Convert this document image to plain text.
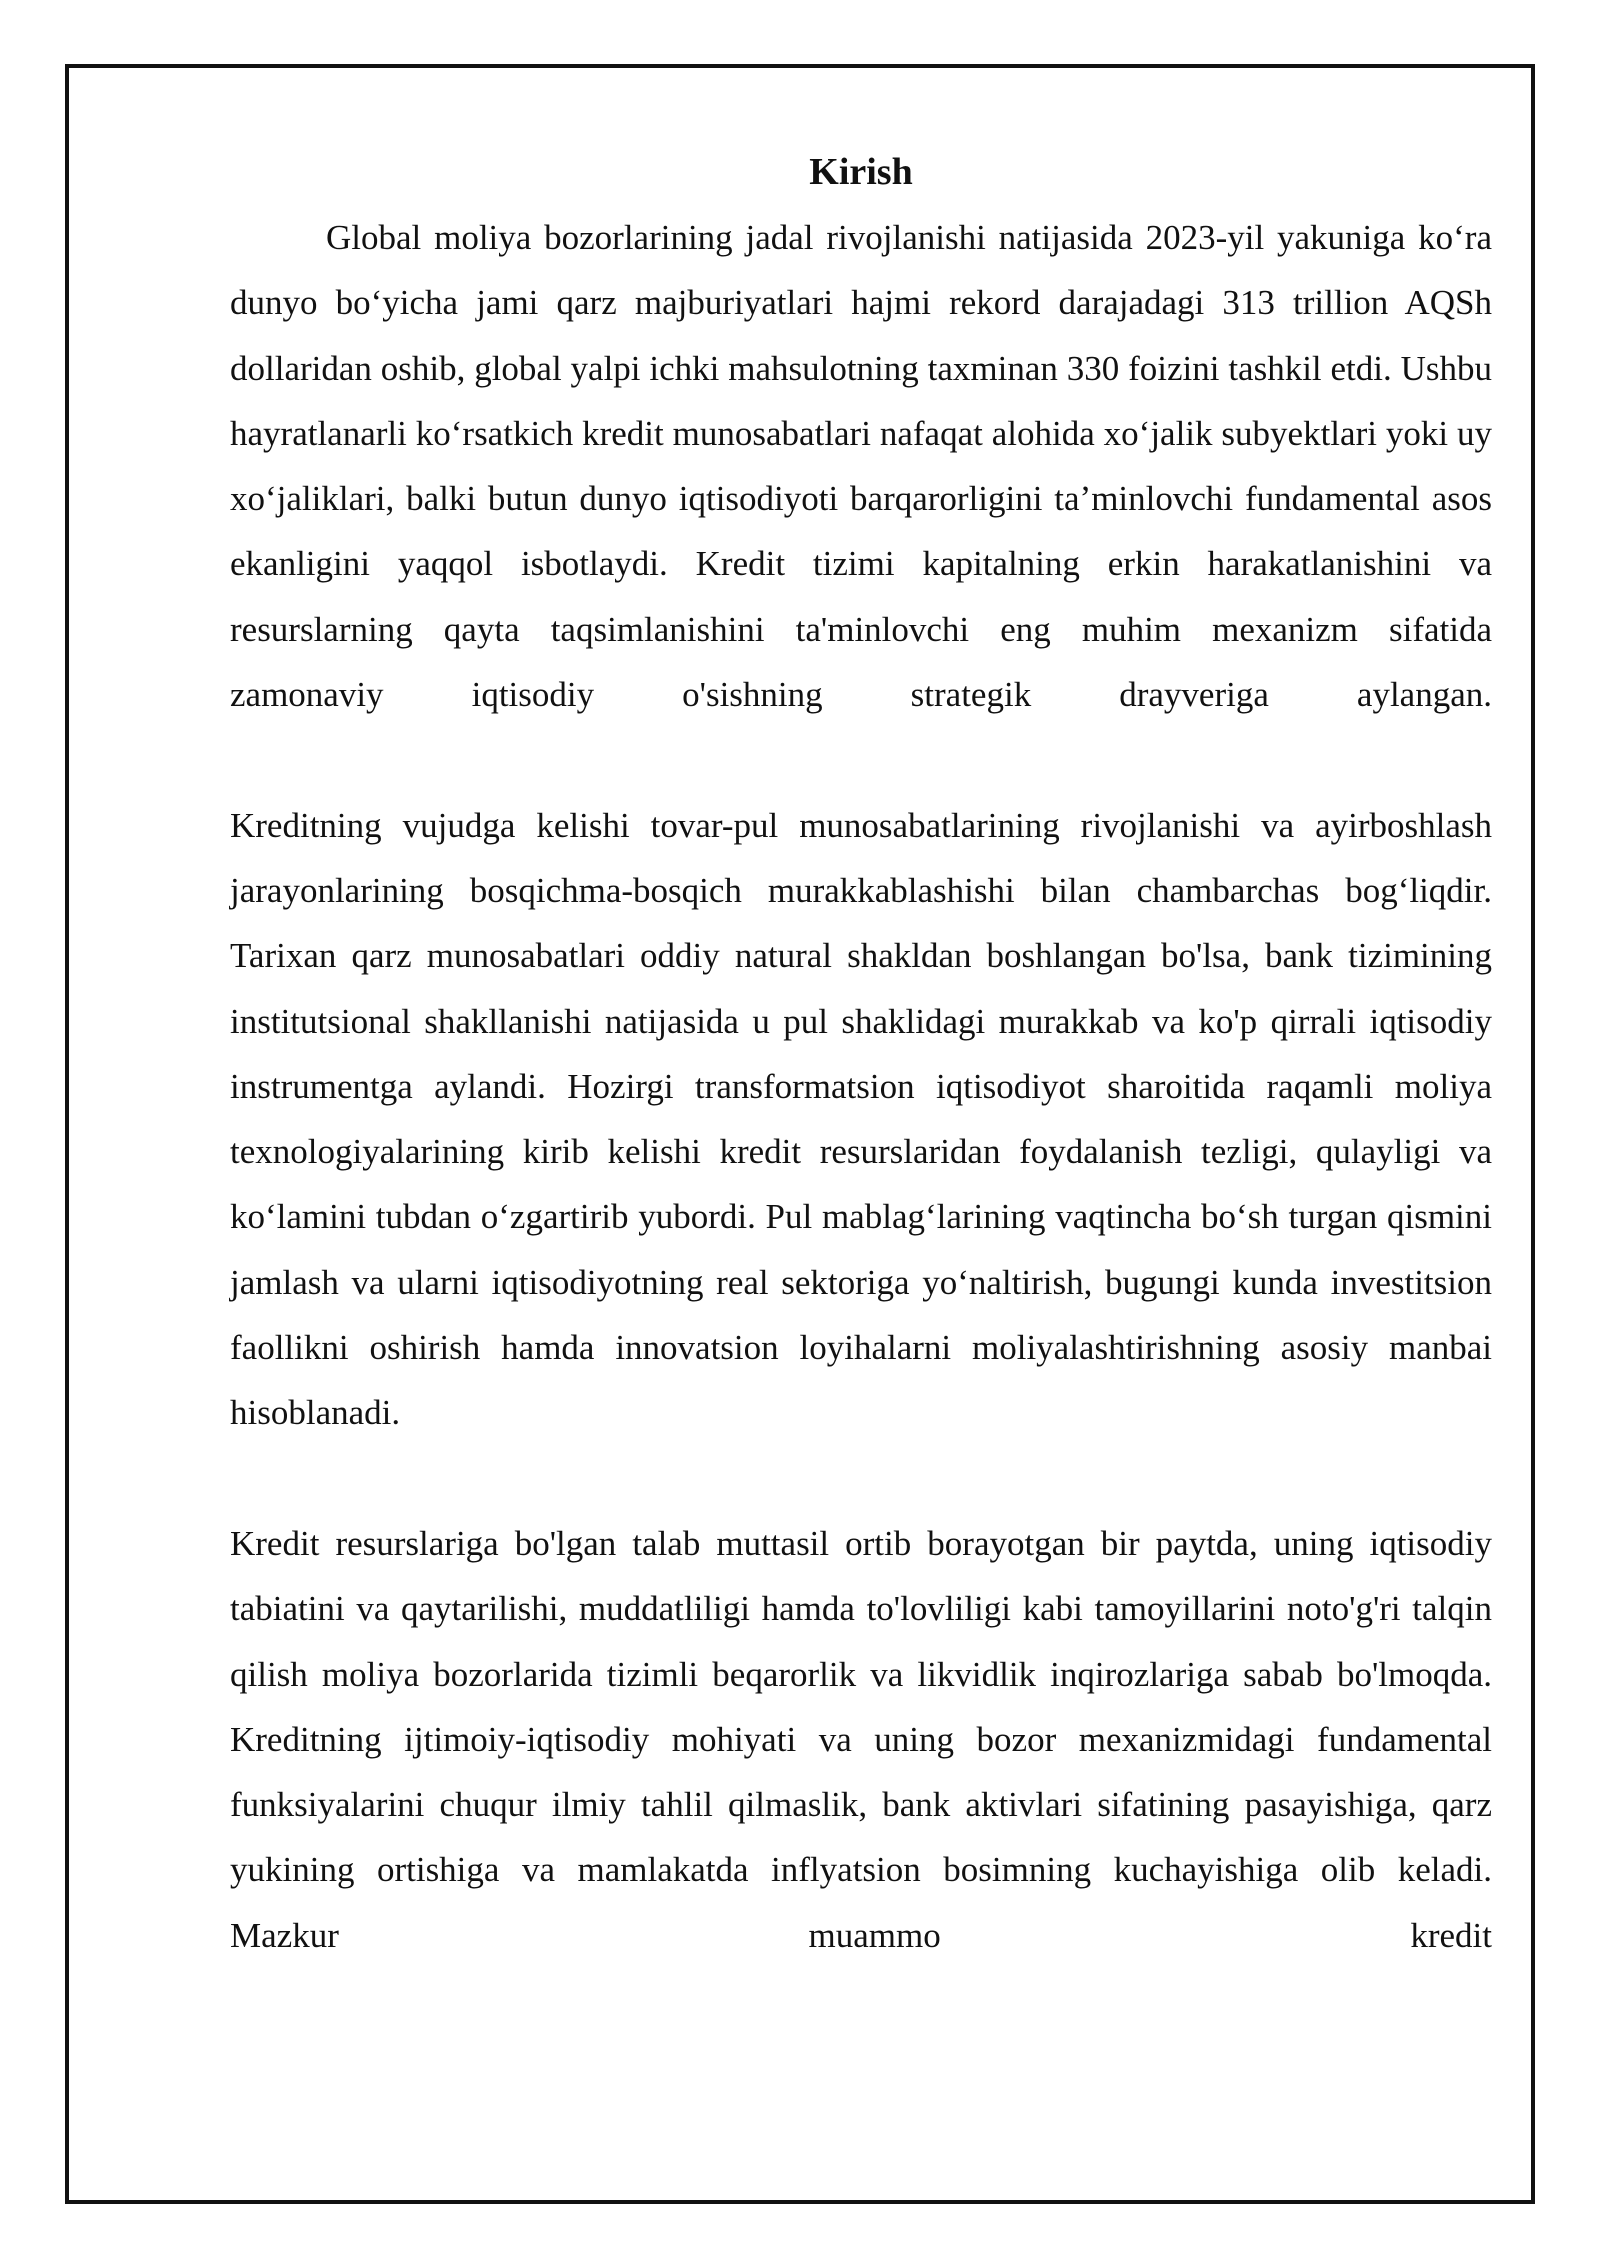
Kirish

Global moliya bozorlarining jadal rivojlanishi natijasida 2023-yil yakuniga koʻra dunyo boʻyicha jami qarz majburiyatlari hajmi rekord darajadagi 313 trillion AQSh dollaridan oshib, global yalpi ichki mahsulotning taxminan 330 foizini tashkil etdi. Ushbu hayratlanarli koʻrsatkich kredit munosabatlari nafaqat alohida xoʻjalik subyektlari yoki uy xoʻjaliklari, balki butun dunyo iqtisodiyoti barqarorligini taʼminlovchi fundamental asos ekanligini yaqqol isbotlaydi. Kredit tizimi kapitalning erkin harakatlanishini va resurslarning qayta taqsimlanishini ta'minlovchi eng muhim mexanizm sifatida zamonaviy iqtisodiy o'sishning strategik drayveriga aylangan.

Kreditning vujudga kelishi tovar-pul munosabatlarining rivojlanishi va ayirboshlash jarayonlarining bosqichma-bosqich murakkablashishi bilan chambarchas bogʻliqdir. Tarixan qarz munosabatlari oddiy natural shakldan boshlangan bo'lsa, bank tizimining institutsional shakllanishi natijasida u pul shaklidagi murakkab va ko'p qirrali iqtisodiy instrumentga aylandi. Hozirgi transformatsion iqtisodiyot sharoitida raqamli moliya texnologiyalarining kirib kelishi kredit resurslaridan foydalanish tezligi, qulayligi va koʻlamini tubdan oʻzgartirib yubordi. Pul mablagʻlarining vaqtincha boʻsh turgan qismini jamlash va ularni iqtisodiyotning real sektoriga yoʻnaltirish, bugungi kunda investitsion faollikni oshirish hamda innovatsion loyihalarni moliyalashtirishning asosiy manbai hisoblanadi.

Kredit resurslariga bo'lgan talab muttasil ortib borayotgan bir paytda, uning iqtisodiy tabiatini va qaytarilishi, muddatliligi hamda to'lovliligi kabi tamoyillarini noto'g'ri talqin qilish moliya bozorlarida tizimli beqarorlik va likvidlik inqirozlariga sabab bo'lmoqda. Kreditning ijtimoiy-iqtisodiy mohiyati va uning bozor mexanizmidagi fundamental funksiyalarini chuqur ilmiy tahlil qilmaslik, bank aktivlari sifatining pasayishiga, qarz yukining ortishiga va mamlakatda inflyatsion bosimning kuchayishiga olib keladi. Mazkur muammo kredit
